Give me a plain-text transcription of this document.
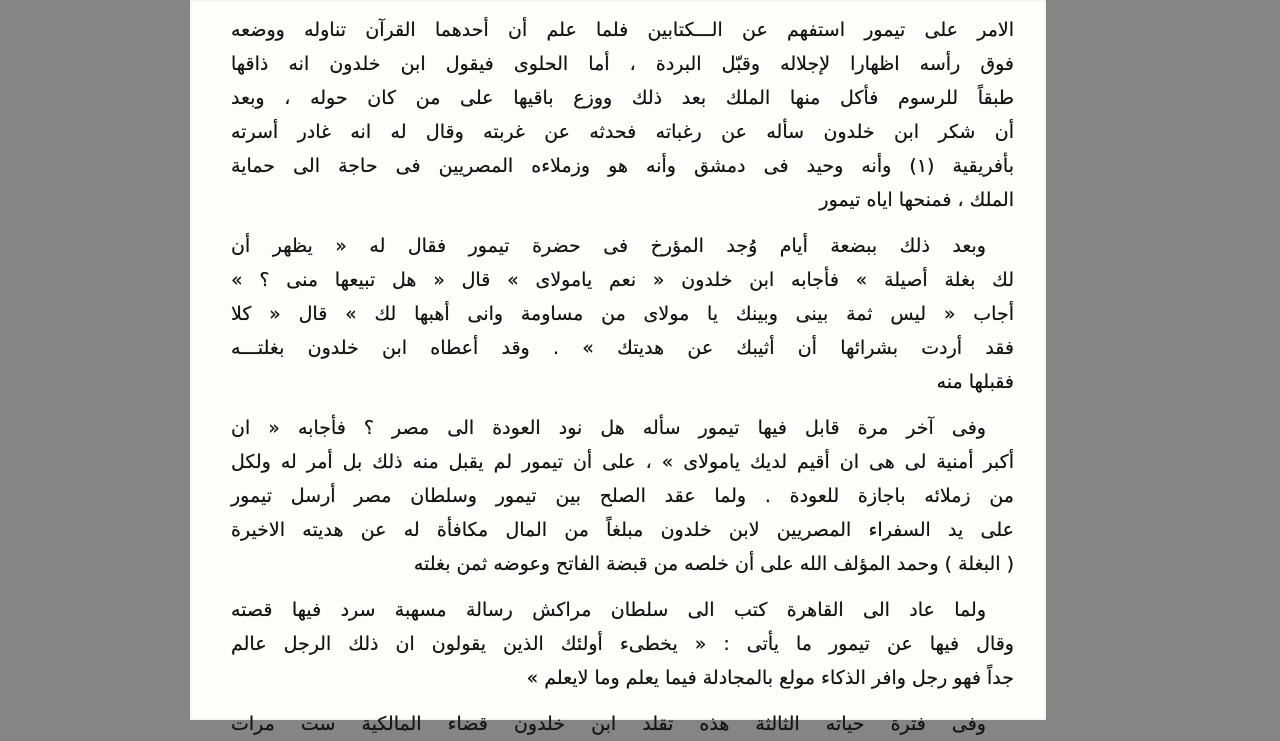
الامر على تيمور استفهم عن الـــكتابين فلما علم أن أحدهما القرآن تناوله ووضعه
فوق رأسه اظهارا لإجلاله وقبّل البردة ، أما الحلوى فيقول ابن خلدون انه ذاقها
طبقاً للرسوم فأكل منها الملك بعد ذلك ووزع باقيها على من كان حوله ، وبعد
أن شكر ابن خلدون سأله عن رغباته فحدثه عن غربته وقال له انه غادر أسرته
بأفريقية (١) وأنه وحيد فى دمشق وأنه هو وزملاءه المصريين فى حاجة الى حماية
الملك ، فمنحها اياه تيمور
وبعد ذلك ببضعة أيام وُجد المؤرخ فى حضرة تيمور فقال له « يظهر أن
لك بغلة أصيلة » فأجابه ابن خلدون « نعم يامولاى » قال « هل تبيعها منى ؟ »
أجاب « ليس ثمة بينى وبينك يا مولاى من مساومة وانى أهبها لك » قال « كلا
فقد أردت بشرائها أن أثيبك عن هديتك » . وقد أعطاه ابن خلدون بغلتـــه
فقبلها منه
وفى آخر مرة قابل فيها تيمور سأله هل نود العودة الى مصر ؟ فأجابه « ان
أكبر أمنية لى هى ان أقيم لديك يامولاى » ، على أن تيمور لم يقبل منه ذلك بل أمر له ولكل
من زملائه باجازة للعودة . ولما عقد الصلح بين تيمور وسلطان مصر أرسل تيمور
على يد السفراء المصريين لابن خلدون مبلغاً من المال مكافأة له عن هديته الاخيرة
( البغلة ) وحمد المؤلف الله على أن خلصه من قبضة الفاتح وعوضه ثمن بغلته
ولما عاد الى القاهرة كتب الى سلطان مراكش رسالة مسهبة سرد فيها قصته
وقال فيها عن تيمور ما يأتى : « يخطىء أولئك الذين يقولون ان ذلك الرجل عالم
جداً فهو رجل وافر الذكاء مولع بالمجادلة فيما يعلم وما لايعلم »
وفى فترة حياته الثالثة هذه تقلد ابن خلدون قضاء المالكية ست مرات
